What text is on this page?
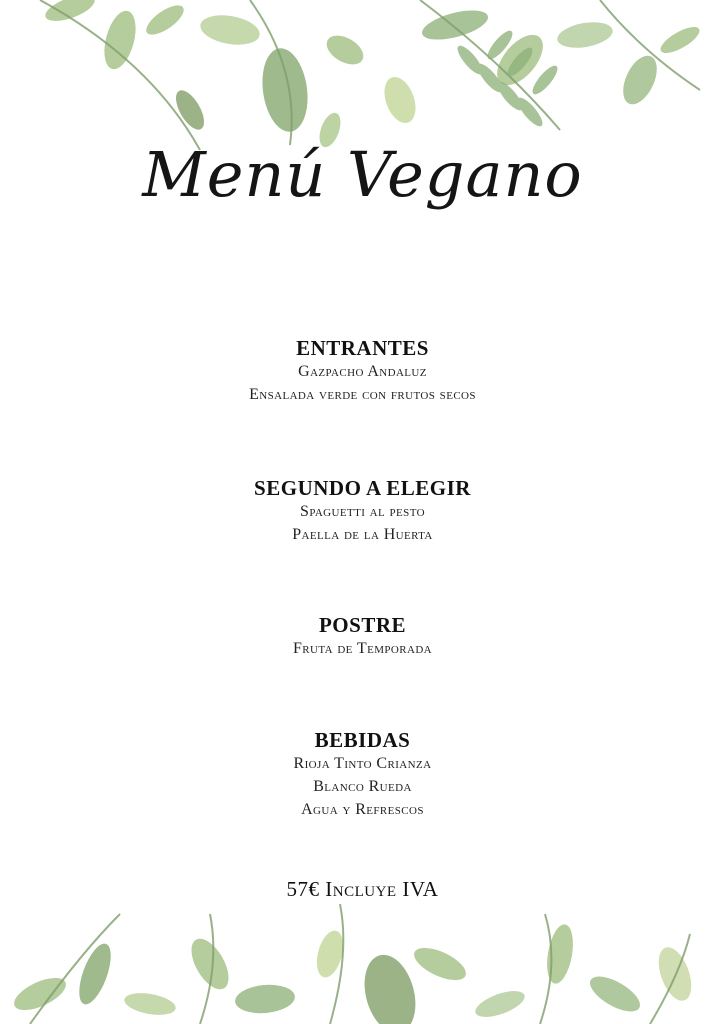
Menú Vegano
ENTRANTES
Gazpacho Andaluz
Ensalada verde con frutos secos
SEGUNDO A ELEGIR
Spaguetti al pesto
Paella de la Huerta
POSTRE
Fruta de Temporada
BEBIDAS
Rioja Tinto Crianza
Blanco Rueda
Agua y Refrescos
57€ Incluye IVA
